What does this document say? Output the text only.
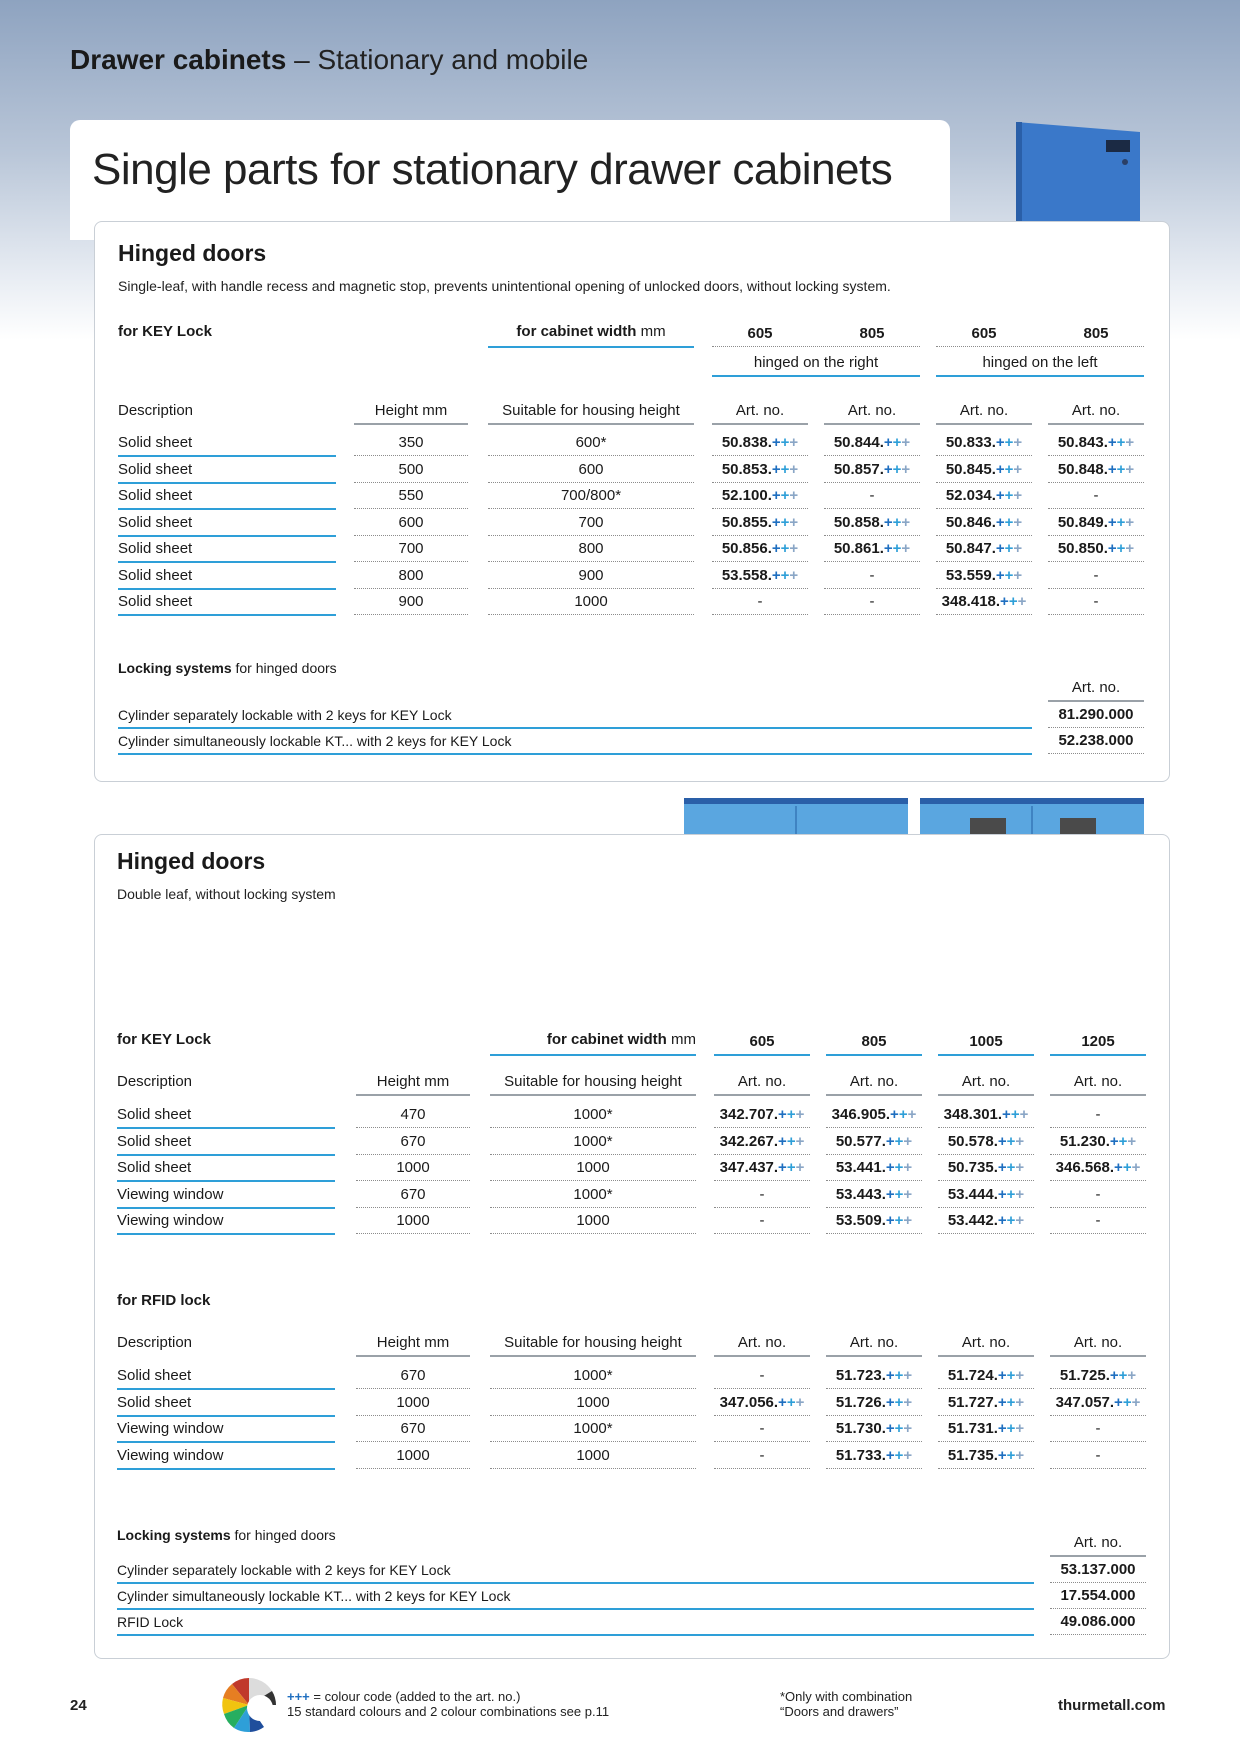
Drawer cabinets – Stationary and mobile
Single parts for stationary drawer cabinets
Hinged doors
Single-leaf, with handle recess and magnetic stop, prevents unintentional opening of unlocked doors, without locking system.
for KEY Lock	for cabinet width mm	605	805	605	805
hinged on the right	hinged on the left
Description	Height mm	Suitable for housing height	Art. no.	Art. no.	Art. no.	Art. no.
Solid sheet	350	600*	50.838.+++	50.844.+++	50.833.+++	50.843.+++
Solid sheet	500	600	50.853.+++	50.857.+++	50.845.+++	50.848.+++
Solid sheet	550	700/800*	52.100.+++	-	52.034.+++	-
Solid sheet	600	700	50.855.+++	50.858.+++	50.846.+++	50.849.+++
Solid sheet	700	800	50.856.+++	50.861.+++	50.847.+++	50.850.+++
Solid sheet	800	900	53.558.+++	-	53.559.+++	-
Solid sheet	900	1000	-	-	348.418.+++	-
Locking systems for hinged doors
Art. no.
Cylinder separately lockable with 2 keys for KEY Lock	81.290.000
Cylinder simultaneously lockable KT... with 2 keys for KEY Lock	52.238.000
Hinged doors
Double leaf, without locking system
for KEY Lock	for cabinet width mm	605	805	1005	1205
Description	Height mm	Suitable for housing height	Art. no.	Art. no.	Art. no.	Art. no.
Solid sheet	470	1000*	342.707.+++	346.905.+++	348.301.+++	-
Solid sheet	670	1000*	342.267.+++	50.577.+++	50.578.+++	51.230.+++
Solid sheet	1000	1000	347.437.+++	53.441.+++	50.735.+++	346.568.+++
Viewing window	670	1000*	-	53.443.+++	53.444.+++	-
Viewing window	1000	1000	-	53.509.+++	53.442.+++	-
for RFID lock
Description	Height mm	Suitable for housing height	Art. no.	Art. no.	Art. no.	Art. no.
Solid sheet	670	1000*	-	51.723.+++	51.724.+++	51.725.+++
Solid sheet	1000	1000	347.056.+++	51.726.+++	51.727.+++	347.057.+++
Viewing window	670	1000*	-	51.730.+++	51.731.+++	-
Viewing window	1000	1000	-	51.733.+++	51.735.+++	-
Locking systems for hinged doors	Art. no.
Cylinder separately lockable with 2 keys for KEY Lock	53.137.000
Cylinder simultaneously lockable KT... with 2 keys for KEY Lock	17.554.000
RFID Lock	49.086.000
24
+++ = colour code (added to the art. no.)
15 standard colours and 2 colour combinations see p.11
*Only with combination
“Doors and drawers”	thurmetall.com
